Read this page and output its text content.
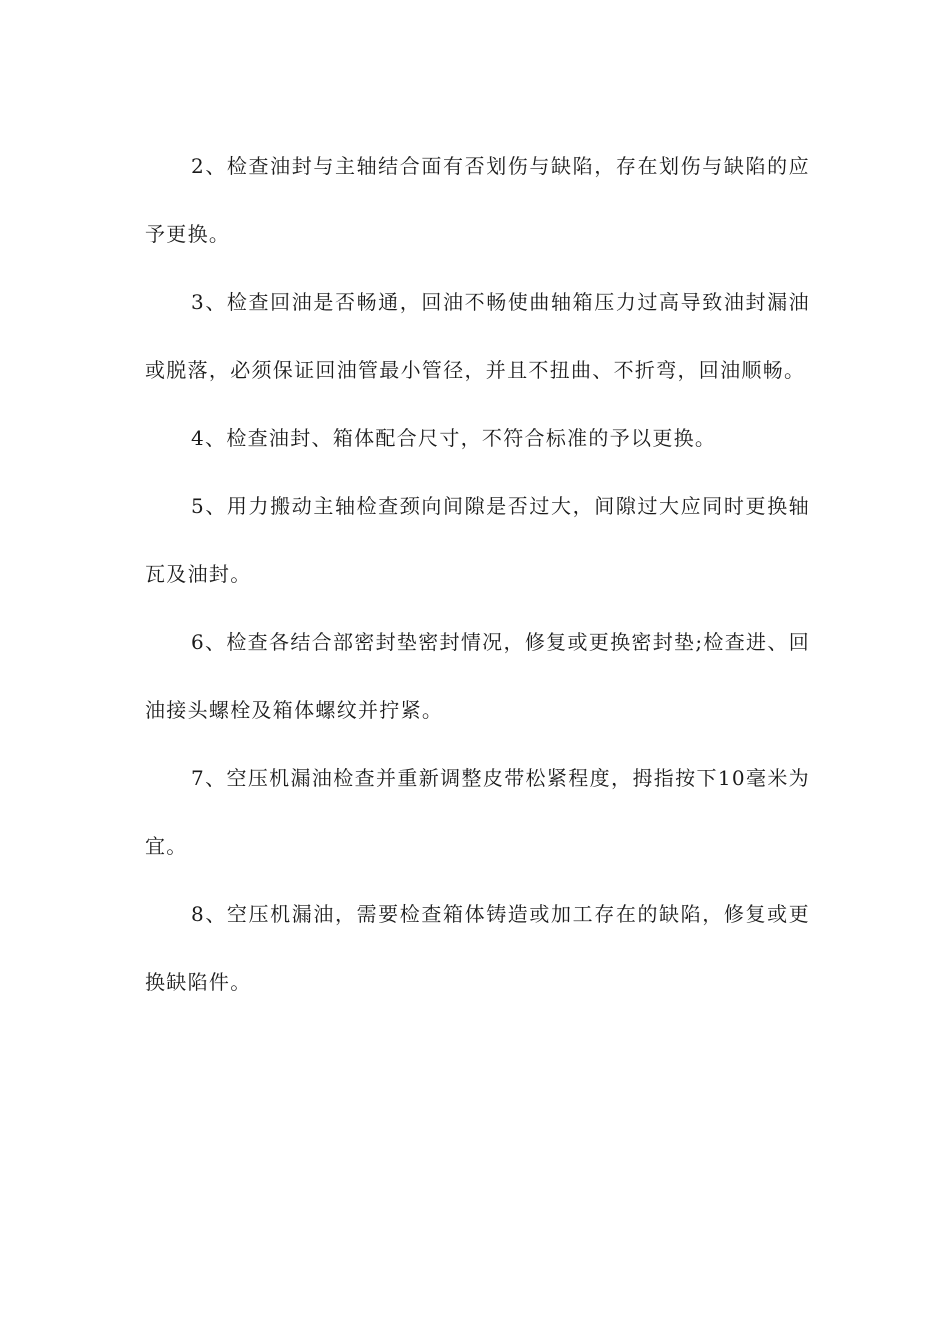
2、检查油封与主轴结合面有否划伤与缺陷，存在划伤与缺陷的应予更换。

3、检查回油是否畅通，回油不畅使曲轴箱压力过高导致油封漏油或脱落，必须保证回油管最小管径，并且不扭曲、不折弯，回油顺畅。

4、检查油封、箱体配合尺寸，不符合标准的予以更换。

5、用力搬动主轴检查颈向间隙是否过大，间隙过大应同时更换轴瓦及油封。

6、检查各结合部密封垫密封情况，修复或更换密封垫;检查进、回油接头螺栓及箱体螺纹并拧紧。

7、空压机漏油检查并重新调整皮带松紧程度，拇指按下10毫米为宜。

8、空压机漏油，需要检查箱体铸造或加工存在的缺陷，修复或更换缺陷件。
